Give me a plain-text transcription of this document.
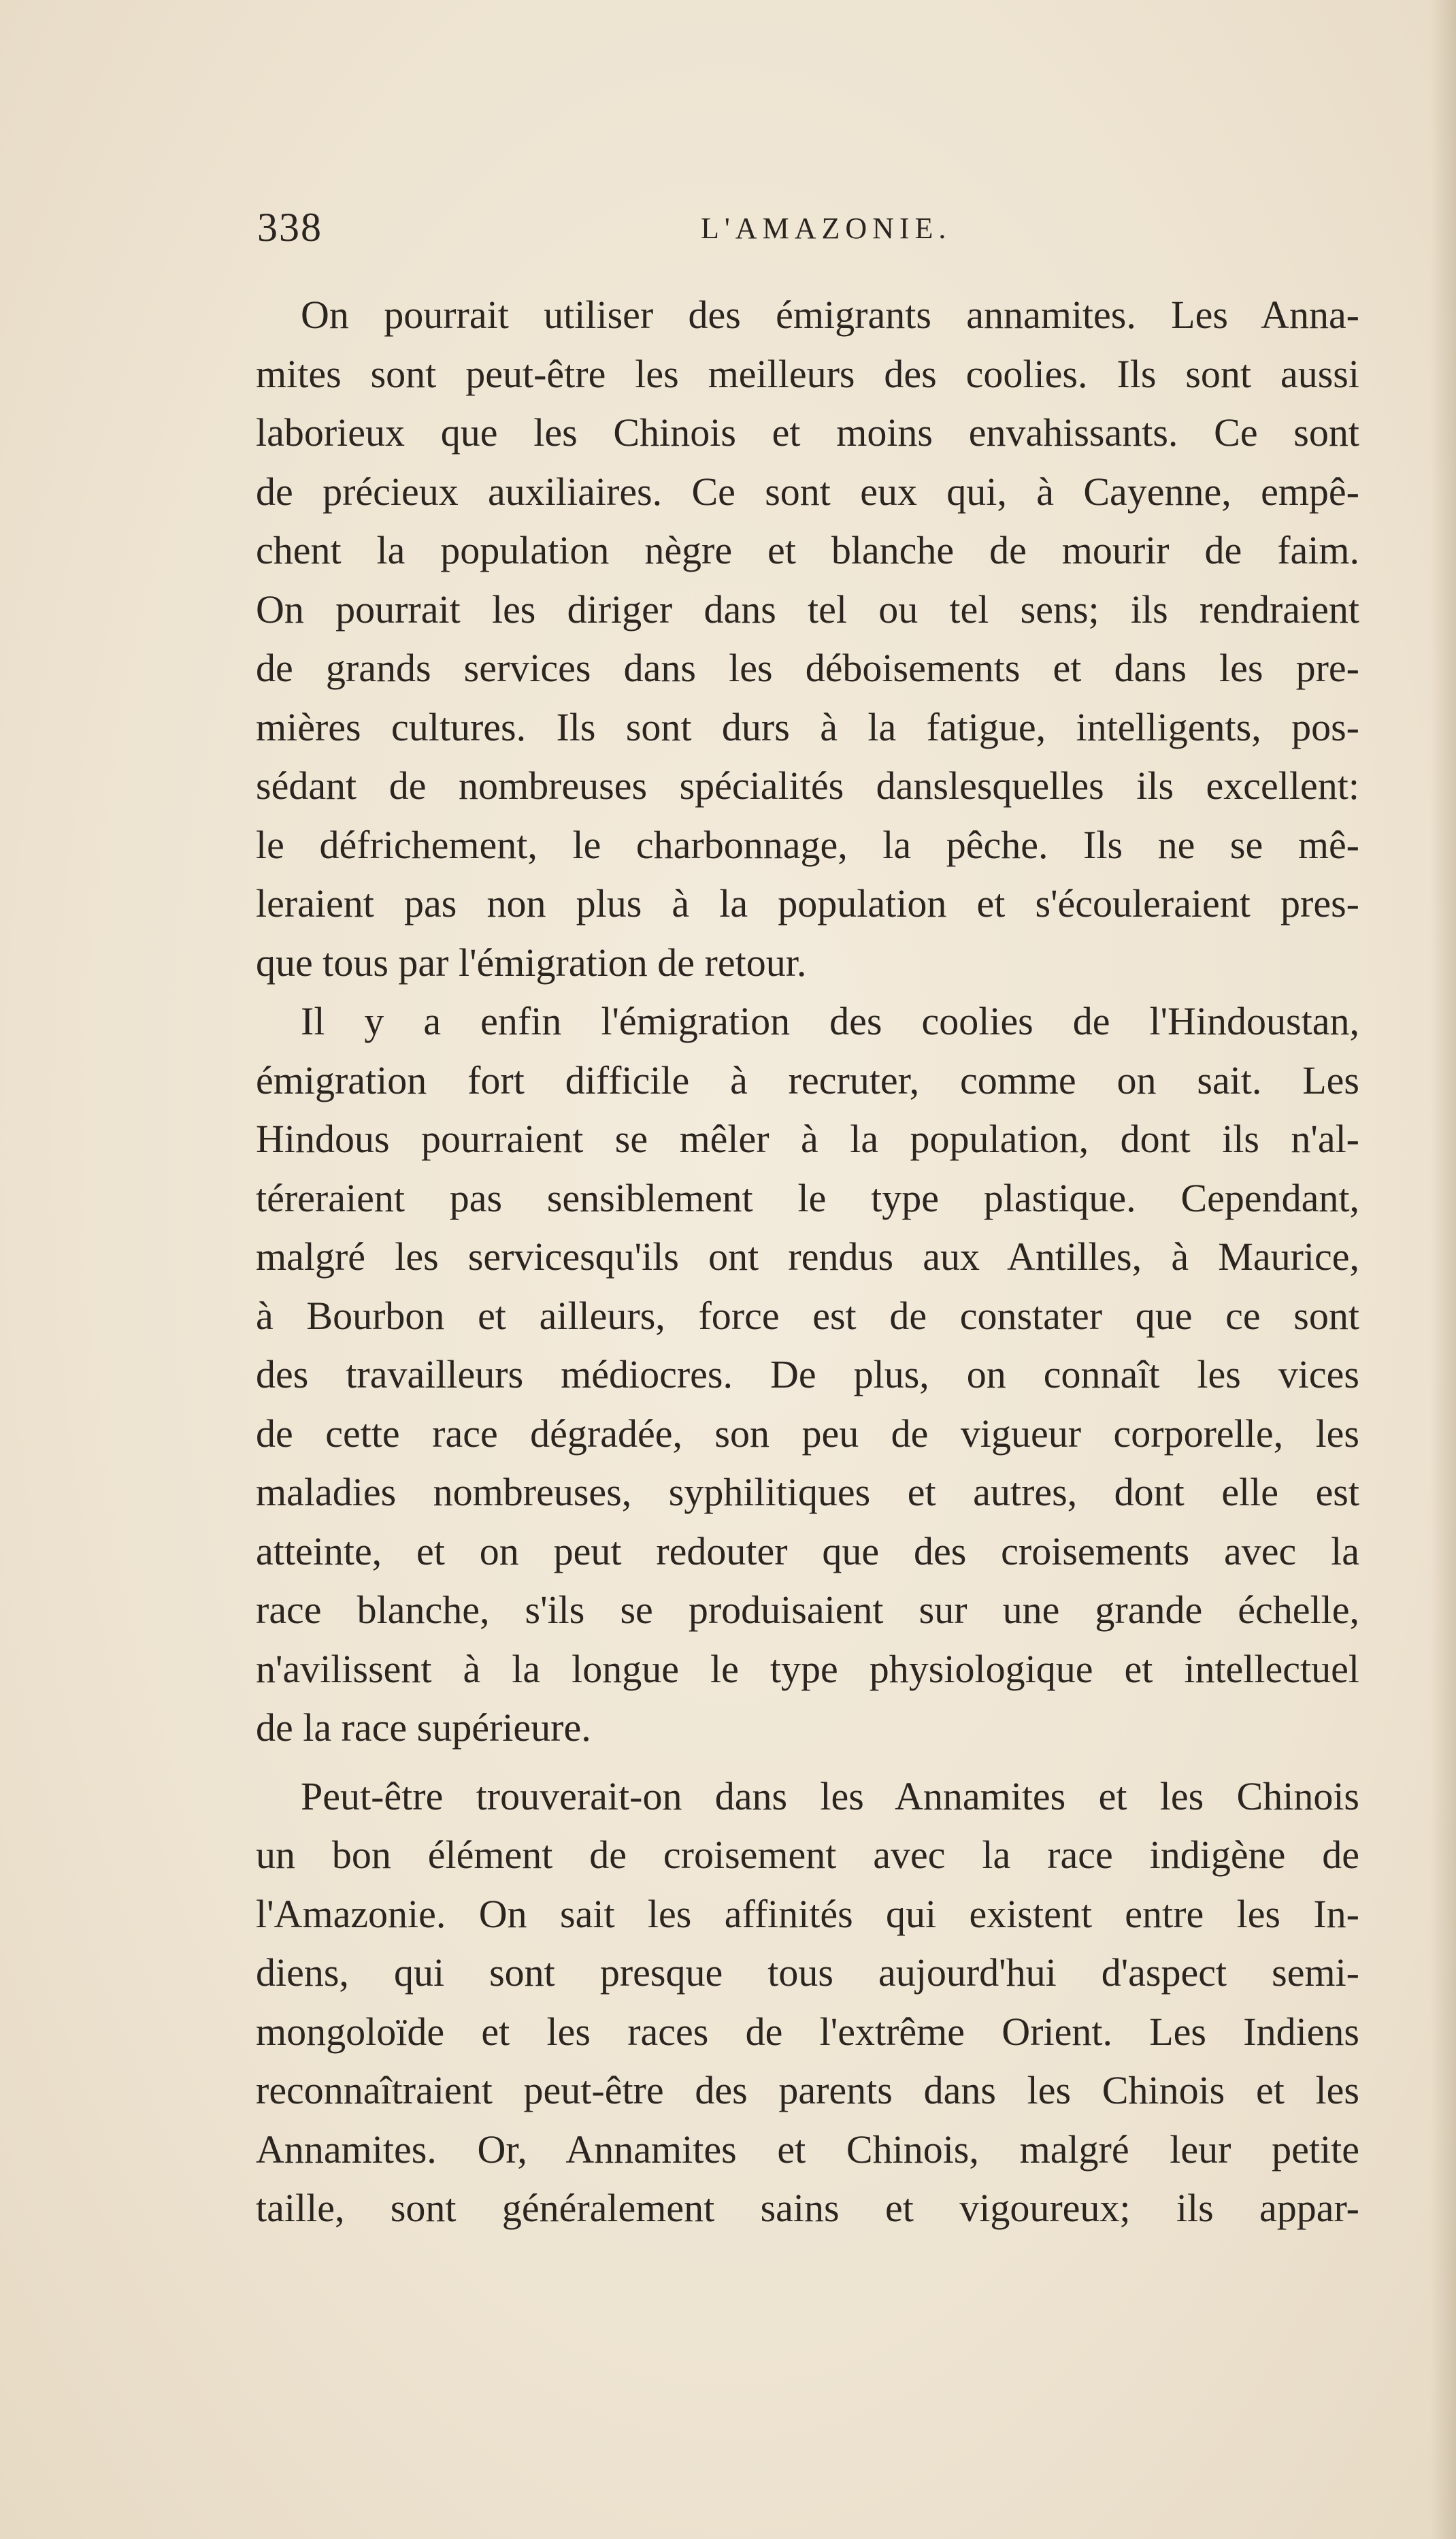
338	L'AMAZONIE.
On pourrait utiliser des émigrants annamites. Les Anna-
mites sont peut-être les meilleurs des coolies. Ils sont aussi
laborieux que les Chinois et moins envahissants. Ce sont
de précieux auxiliaires. Ce sont eux qui, à Cayenne, empê-
chent la population nègre et blanche de mourir de faim.
On pourrait les diriger dans tel ou tel sens; ils rendraient
de grands services dans les déboisements et dans les pre-
mières cultures. Ils sont durs à la fatigue, intelligents, pos-
sédant de nombreuses spécialités danslesquelles ils excellent:
le défrichement, le charbonnage, la pêche. Ils ne se mê-
leraient pas non plus à la population et s'écouleraient pres-
que tous par l'émigration de retour.
Il y a enfin l'émigration des coolies de l'Hindoustan,
émigration fort difficile à recruter, comme on sait. Les
Hindous pourraient se mêler à la population, dont ils n'al-
téreraient pas sensiblement le type plastique. Cependant,
malgré les servicesqu'ils ont rendus aux Antilles, à Maurice,
à Bourbon et ailleurs, force est de constater que ce sont
des travailleurs médiocres. De plus, on connaît les vices
de cette race dégradée, son peu de vigueur corporelle, les
maladies nombreuses, syphilitiques et autres, dont elle est
atteinte, et on peut redouter que des croisements avec la
race blanche, s'ils se produisaient sur une grande échelle,
n'avilissent à la longue le type physiologique et intellectuel
de la race supérieure.
Peut-être trouverait-on dans les Annamites et les Chinois
un bon élément de croisement avec la race indigène de
l'Amazonie. On sait les affinités qui existent entre les In-
diens, qui sont presque tous aujourd'hui d'aspect semi-
mongoloïde et les races de l'extrême Orient. Les Indiens
reconnaîtraient peut-être des parents dans les Chinois et les
Annamites. Or, Annamites et Chinois, malgré leur petite
taille, sont généralement sains et vigoureux; ils appar-
